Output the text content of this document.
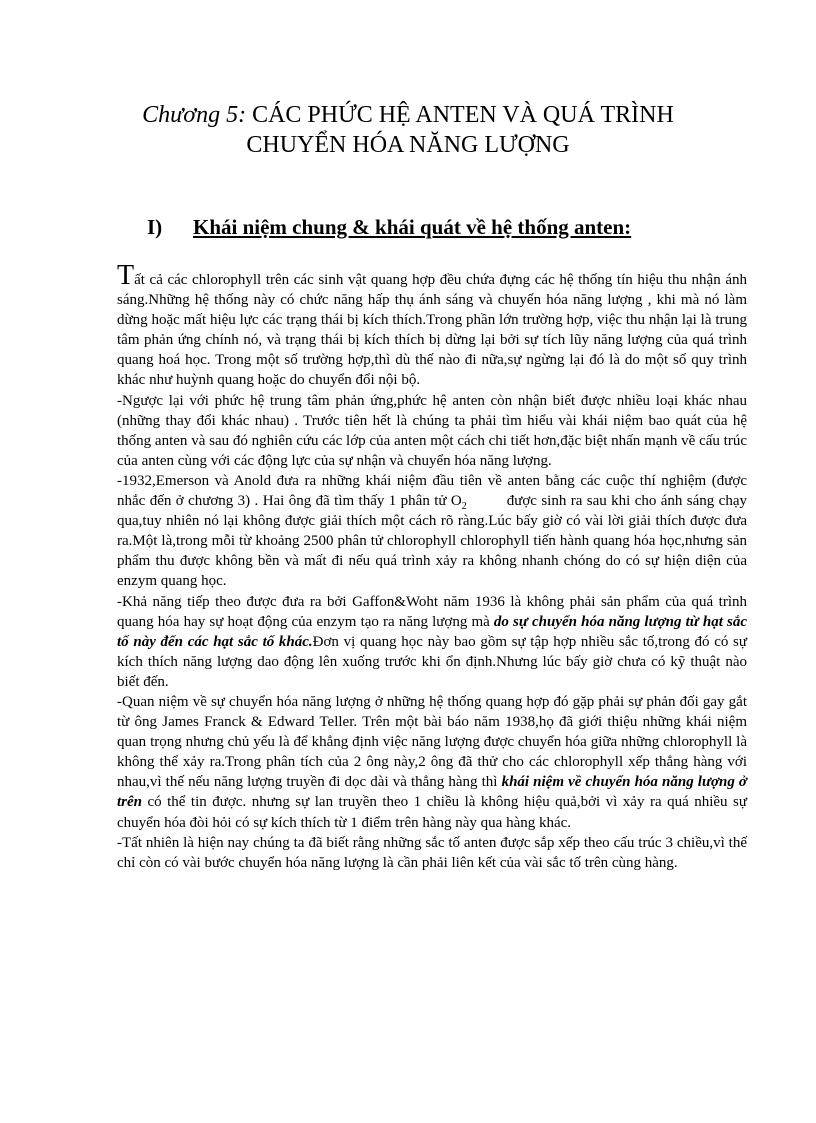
Chương 5: CÁC PHỨC HỆ ANTEN VÀ QUÁ TRÌNH
CHUYỂN HÓA NĂNG LƯỢNG
I) Khái niệm chung & khái quát về hệ thống anten:

Tất cả các chlorophyll trên các sinh vật quang hợp đều chứa đựng các hệ thống tín hiệu thu nhận ánh sáng.Những hệ thống này có chức năng hấp thụ ánh sáng và chuyển hóa năng lượng , khi mà nó làm dừng hoặc mất hiệu lực các trạng thái bị kích thích.Trong phần lớn trường hợp, việc thu nhận lại là trung tâm phản ứng chính nó, và trạng thái bị kích thích bị dừng lại bởi sự tích lũy năng lượng của quá trình quang hoá học. Trong một số trường hợp,thì dù thế nào đi nữa,sự ngừng lại đó là do một số quy trình khác như huỳnh quang hoặc do chuyển đổi nội bộ.

-Ngược lại với phức hệ trung tâm phản ứng,phức hệ anten còn nhận biết được nhiều loại khác nhau (những thay đổi khác nhau) . Trước tiên hết là chúng ta phải tìm hiểu vài khái niệm bao quát của hệ thống anten và sau đó nghiên cứu các lớp của anten một cách chi tiết hơn,đặc biệt nhấn mạnh về cấu trúc của anten cùng với các động lực của sự nhận và chuyển hóa năng lượng.

-1932,Emerson và Anold đưa ra những khái niệm đầu tiên về anten bằng các cuộc thí nghiệm (được nhắc đến ở chương 3) . Hai ông đã tìm thấy 1 phân tử $O_2$	được sinh ra sau khi cho ánh sáng chạy qua,tuy nhiên nó lại không được giải thích một cách rõ ràng.Lúc bấy giờ có vài lời giải thích được đưa ra.Một là,trong mỗi từ khoảng 2500 phân tử chlorophyll chlorophyll tiến hành quang hóa học,nhưng sản phẩm thu được không bền và mất đi nếu quá trình xảy ra không nhanh chóng do có sự hiện diện của enzym quang học.

-Khả năng tiếp theo được đưa ra bởi Gaffon&Woht năm 1936 là không phải sản phẩm của quá trình quang hóa hay sự hoạt động của enzym tạo ra năng lượng mà do sự chuyển hóa năng lượng từ hạt sắc tố này đến các hạt sắc tố khác.Đơn vị quang học này bao gồm sự tập hợp nhiều sắc tố,trong đó có sự kích thích năng lượng dao động lên xuống trước khi ổn định.Nhưng lúc bấy giờ chưa có kỹ thuật nào biết đến.

-Quan niệm về sự chuyển hóa năng lượng ở những hệ thống quang hợp đó gặp phải sự phản đối gay gắt từ ông James Franck & Edward Teller. Trên một bài báo năm 1938,họ đã giới thiệu những khái niệm quan trọng nhưng chủ yếu là để khẳng định việc năng lượng được chuyển hóa giữa những chlorophyll là không thể xảy ra.Trong phân tích của 2 ông này,2 ông đã thử cho các chlorophyll xếp thẳng hàng với nhau,vì thế nếu năng lượng truyền đi dọc dài và thẳng hàng thì khái niệm về chuyển hóa năng lượng ở trên có thể tin được. nhưng sự lan truyền theo 1 chiều là không hiệu quả,bởi vì xảy ra quá nhiều sự chuyển hóa đòi hỏi có sự kích thích từ 1 điểm trên hàng này qua hàng khác.

-Tất nhiên là hiện nay chúng ta đã biết rằng những sắc tố anten được sắp xếp theo cấu trúc 3 chiều,vì thế chỉ còn có vài bước chuyển hóa năng lượng là cần phải liên kết của vài sắc tố trên cùng hàng.
